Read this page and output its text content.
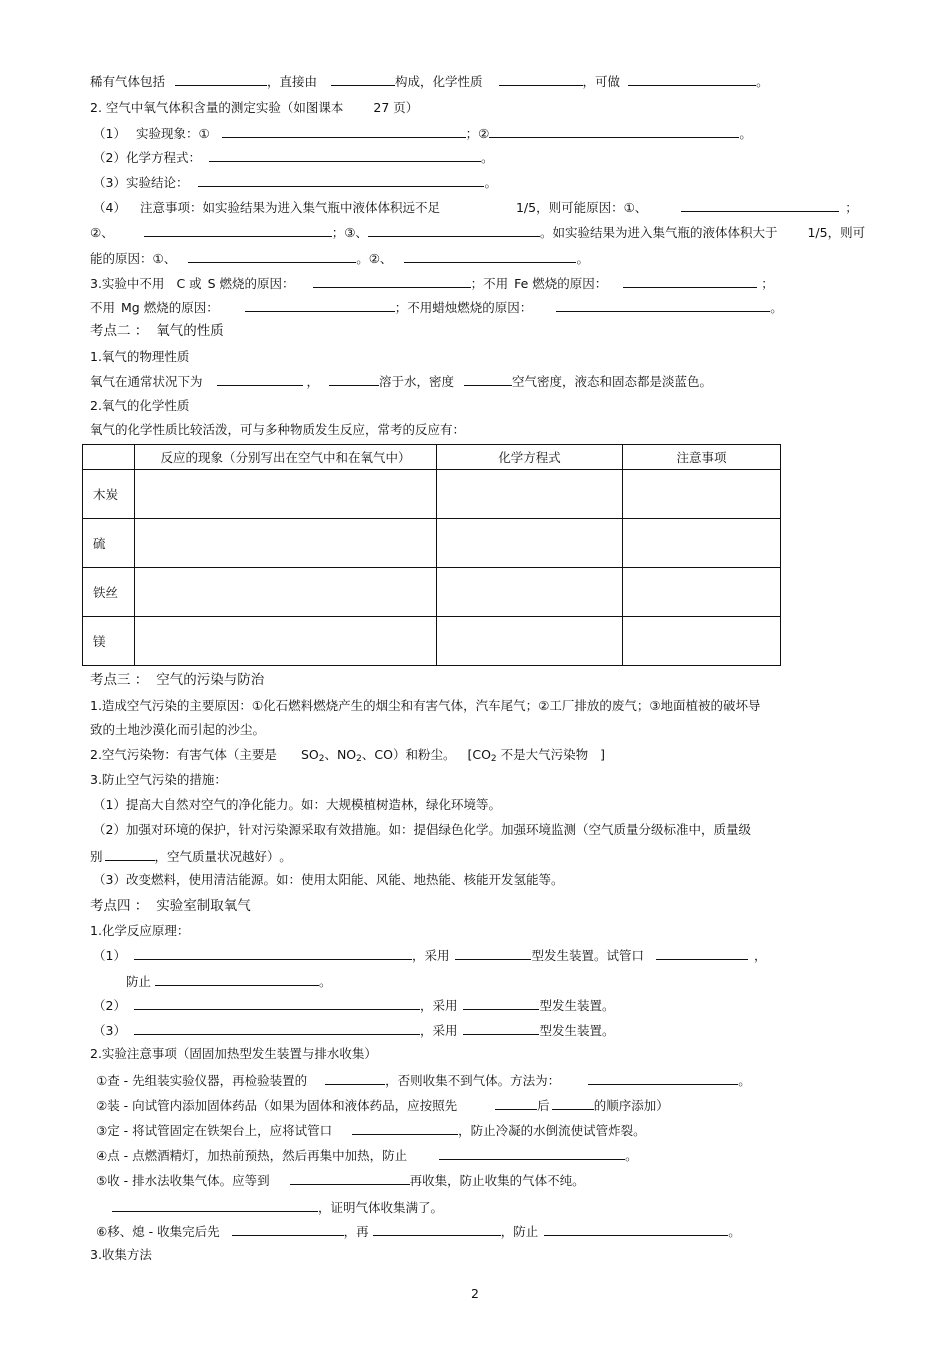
稀有气体包括	，直接由	构成，化学性质	，可做	。
2. 空气中氧气体积含量的测定实验（如图课本 27 页）
（1） 实验现象：①	；②	。
（2）化学方程式：	。
（3）实验结论：	。
（4） 注意事项：如实验结果为进入集气瓶中液体体积远不足	1/5，则可能原因：①、	；
②、	；③、	。如实验结果为进入集气瓶的液体体积大于 1/5，则可
能的原因：①、	。②、	。
3.实验中不用 C 或 S 燃烧的原因：	；不用 Fe 燃烧的原因：	；
不用 Mg 燃烧的原因：	；不用蜡烛燃烧的原因：	。
考点二 ： 氧气的性质
1.氧气的物理性质
氧气在通常状况下为	，	溶于水，密度	空气密度，液态和固态都是淡蓝色。
2.氧气的化学性质
氧气的化学性质比较活泼，可与多种物质发生反应，常考的反应有：
	反应的现象（分别写出在空气中和在氧气中）	化学方程式	注意事项
木炭			
硫			
铁丝			
镁			
考点三 ： 空气的污染与防治
1.造成空气污染的主要原因：①化石燃料燃烧产生的烟尘和有害气体，汽车尾气；②工厂排放的废气；③地面植被的破坏导
致的土地沙漠化而引起的沙尘。
2.空气污染物：有害气体（主要是 $SO_2$、$NO_2$、CO）和粉尘。 [$CO_2$ 不是大气污染物 ]
3.防止空气污染的措施：
（1）提高大自然对空气的净化能力。如：大规模植树造林，绿化环境等。
（2）加强对环境的保护，针对污染源采取有效措施。如：提倡绿色化学。加强环境监测（空气质量分级标准中，质量级
别	，空气质量状况越好） 。
（3）改变燃料，使用清洁能源。如：使用太阳能、风能、地热能、核能开发氢能等。
考点四 ： 实验室制取氧气
1.化学反应原理：
（1）	，采用	型发生装置。试管口	，
防止	。
（2）	，采用	型发生装置。
（3）	，采用	型发生装置。
2.实验注意事项（固固加热型发生装置与排水收集）
①查 - 先组装实验仪器，再检验装置的	，否则收集不到气体。方法为：	。
②装 - 向试管内添加固体药品（如果为固体和液体药品，应按照先	后	的顺序添加）
③定 - 将试管固定在铁架台上，应将试管口	，防止冷凝的水倒流使试管炸裂。
④点 - 点燃酒精灯，加热前预热，然后再集中加热，防止	。
⑤收 - 排水法收集气体。应等到	再收集，防止收集的气体不纯。
，证明气体收集满了。
⑥移、熄 - 收集完后先	，再	，防止	。
3.收集方法
2
